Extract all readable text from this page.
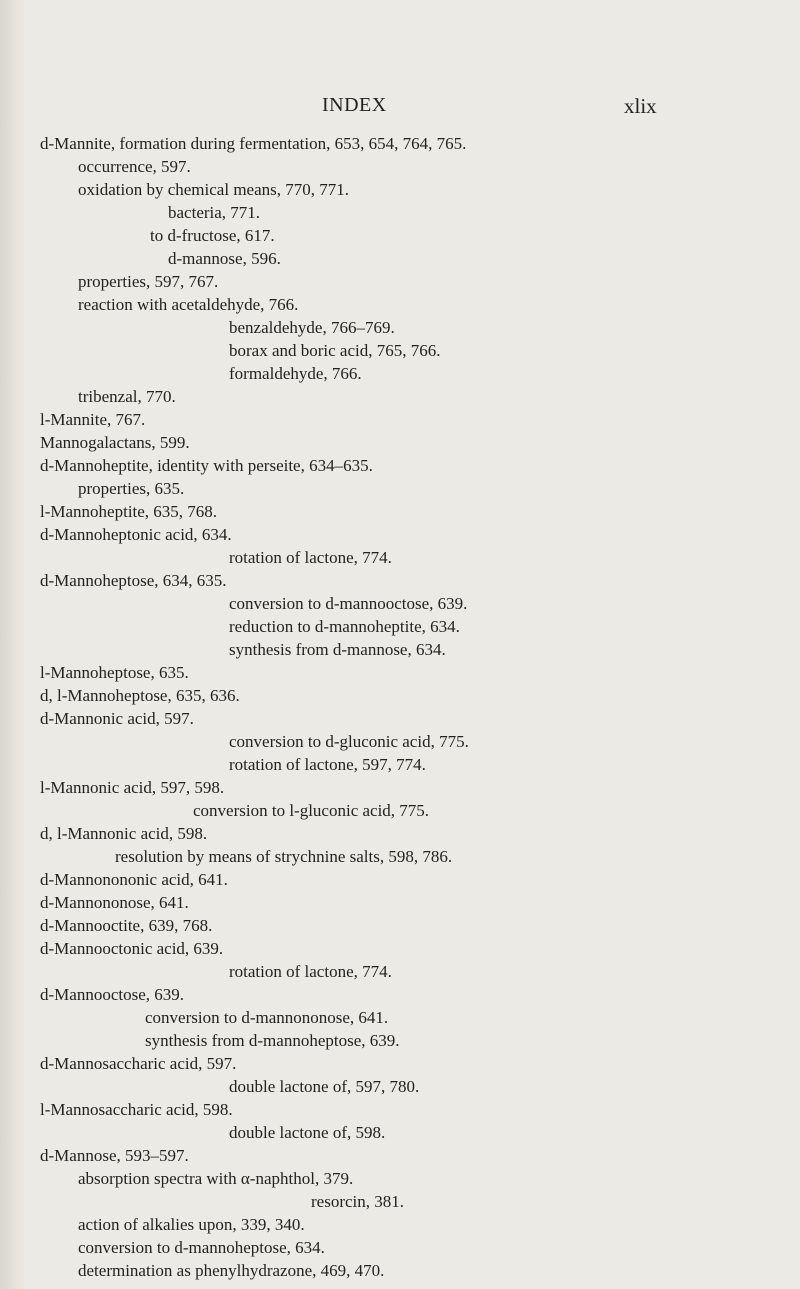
INDEX	xlix
d-Mannite, formation during fermentation, 653, 654, 764, 765.
occurrence, 597.
oxidation by chemical means, 770, 771.
bacteria, 771.
to d-fructose, 617.
d-mannose, 596.
properties, 597, 767.
reaction with acetaldehyde, 766.
benzaldehyde, 766–769.
borax and boric acid, 765, 766.
formaldehyde, 766.
tribenzal, 770.
l-Mannite, 767.
Mannogalactans, 599.
d-Mannoheptite, identity with perseite, 634–635.
properties, 635.
l-Mannoheptite, 635, 768.
d-Mannoheptonic acid, 634.
rotation of lactone, 774.
d-Mannoheptose, 634, 635.
conversion to d-mannooctose, 639.
reduction to d-mannoheptite, 634.
synthesis from d-mannose, 634.
l-Mannoheptose, 635.
d, l-Mannoheptose, 635, 636.
d-Mannonic acid, 597.
conversion to d-gluconic acid, 775.
rotation of lactone, 597, 774.
l-Mannonic acid, 597, 598.
conversion to l-gluconic acid, 775.
d, l-Mannonic acid, 598.
resolution by means of strychnine salts, 598, 786.
d-Mannonononic acid, 641.
d-Mannononose, 641.
d-Mannooctite, 639, 768.
d-Mannooctonic acid, 639.
rotation of lactone, 774.
d-Mannooctose, 639.
conversion to d-mannononose, 641.
synthesis from d-mannoheptose, 639.
d-Mannosaccharic acid, 597.
double lactone of, 597, 780.
l-Mannosaccharic acid, 598.
double lactone of, 598.
d-Mannose, 593–597.
absorption spectra with α-naphthol, 379.
resorcin, 381.
action of alkalies upon, 339, 340.
conversion to d-mannoheptose, 634.
determination as phenylhydrazone, 469, 470.
